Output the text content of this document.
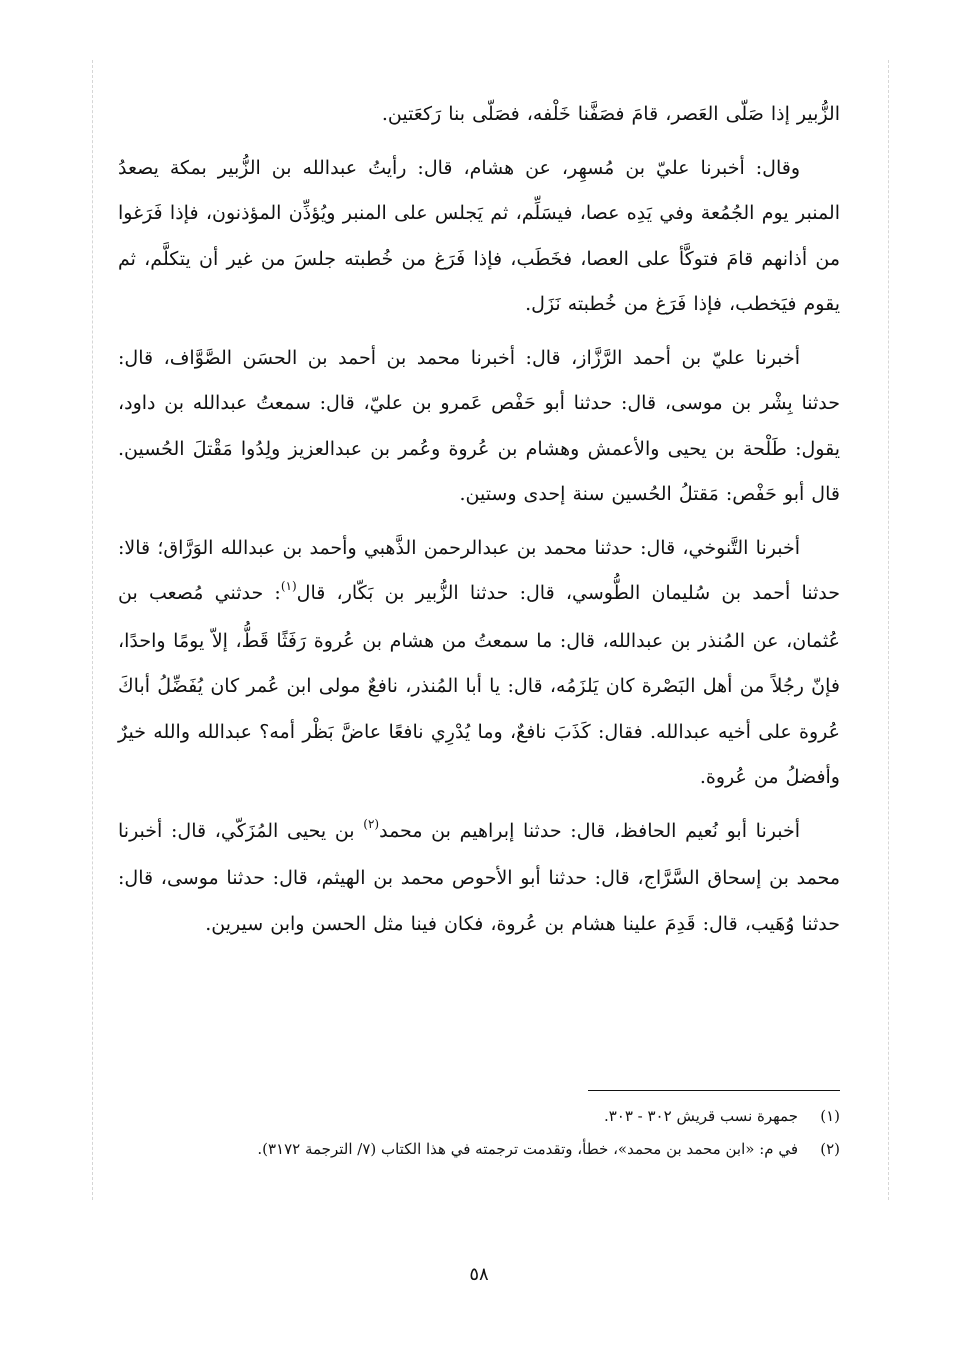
الزُّبير إذا صَلّى العَصر، قامَ فصَفَّنا خَلْفه، فصَلّى بنا رَكعَتين.

وقال: أخبرنا عليّ بن مُسهِر، عن هشام، قال: رأيتُ عبدالله بن الزُّبير بمكة يصعدُ المنبر يوم الجُمُعة وفي يَدِه عصا، فيسَلِّم، ثم يَجلس على المنبر ويُؤذِّن المؤذنون، فإذا فَرَغوا من أذانهم قامَ فتوكَّأ على العصا، فخَطَب، فإذا فَرَغ من خُطبته جلسَ من غير أن يتكلَّم، ثم يقوم فيَخطب، فإذا فَرَغ من خُطبته نَزَل.

أخبرنا عليّ بن أحمد الرَّزَّاز، قال: أخبرنا محمد بن أحمد بن الحسَن الصَّوَّاف، قال: حدثنا بِشْر بن موسى، قال: حدثنا أبو حَفْص عَمرو بن عليّ، قال: سمعتُ عبدالله بن داود، يقول: طَلْحة بن يحيى والأعمش وهشام بن عُروة وعُمر بن عبدالعزيز ولِدُوا مَقْتلَ الحُسين. قال أبو حَفْص: مَقتلُ الحُسين سنة إحدى وستين.

أخبرنا التَّنوخي، قال: حدثنا محمد بن عبدالرحمن الذَّهبي وأحمد بن عبدالله الوَرَّاق؛ قالا: حدثنا أحمد بن سُليمان الطُّوسي، قال: حدثنا الزُّبير بن بَكّار، قال$^{(١)}$: حدثني مُصعب بن عُثمان، عن المُنذر بن عبدالله، قال: ما سمعتُ من هشام بن عُروة رَفَثًا قَطُّ، إلاّ يومًا واحدًا، فإنّ رجُلاً من أهل البَصْرة كان يَلزَمُه، قال: يا أبا المُنذر، نافعٌ مولى ابن عُمر كان يُفَضِّلُ أباكَ عُروة على أخيه عبدالله. فقال: كَذَبَ نافعٌ، وما يُدْرِي نافعًا عاضَّ بَظْر أمه؟ عبدالله والله خيرٌ وأفضلُ من عُروة.

أخبرنا أبو نُعيم الحافظ، قال: حدثنا إبراهيم بن محمد$^{(٢)}$ بن يحيى المُزَكّي، قال: أخبرنا محمد بن إسحاق السَّرَّاج، قال: حدثنا أبو الأحوص محمد بن الهيثم، قال: حدثنا موسى، قال: حدثنا وُهَيب، قال: قَدِمَ علينا هشام بن عُروة، فكان فينا مثل الحسن وابن سيرين.

(١)
جمهرة نسب قريش ٣٠٢ - ٣٠٣.
(٢)
في م: «ابن محمد بن محمد»، خطأ، وتقدمت ترجمته في هذا الكتاب (٧/ الترجمة ٣١٧٢).
٥٨
